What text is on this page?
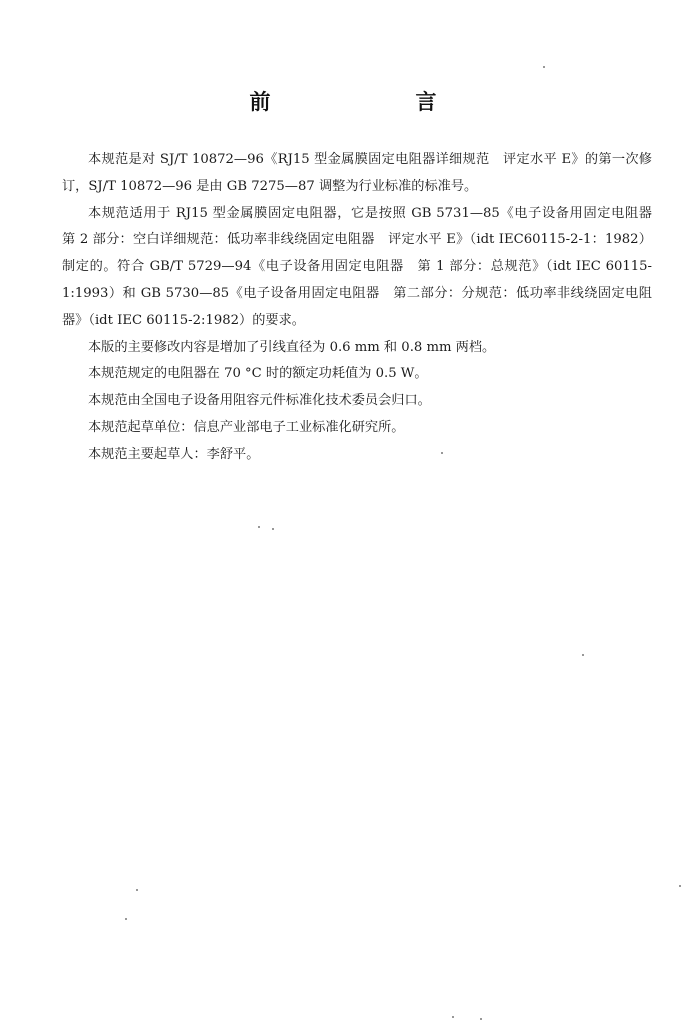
前　言

本规范是对 SJ/T 10872—96《RJ15 型金属膜固定电阻器详细规范　评定水平 E》的第一次修订，SJ/T 10872—96 是由 GB 7275—87 调整为行业标准的标准号。

本规范适用于 RJ15 型金属膜固定电阻器，它是按照 GB 5731—85《电子设备用固定电阻器　第 2 部分：空白详细规范：低功率非线绕固定电阻器　评定水平 E》（idt IEC60115-2-1：1982）制定的。符合 GB/T 5729—94《电子设备用固定电阻器　第 1 部分：总规范》（idt IEC 60115-1:1993）和 GB 5730—85《电子设备用固定电阻器　第二部分：分规范：低功率非线绕固定电阻器》（idt IEC 60115-2:1982）的要求。

本版的主要修改内容是增加了引线直径为 0.6 mm 和 0.8 mm 两档。

本规范规定的电阻器在 70 °C 时的额定功耗值为 0.5 W。

本规范由全国电子设备用阻容元件标准化技术委员会归口。

本规范起草单位：信息产业部电子工业标准化研究所。

本规范主要起草人：李舒平。
